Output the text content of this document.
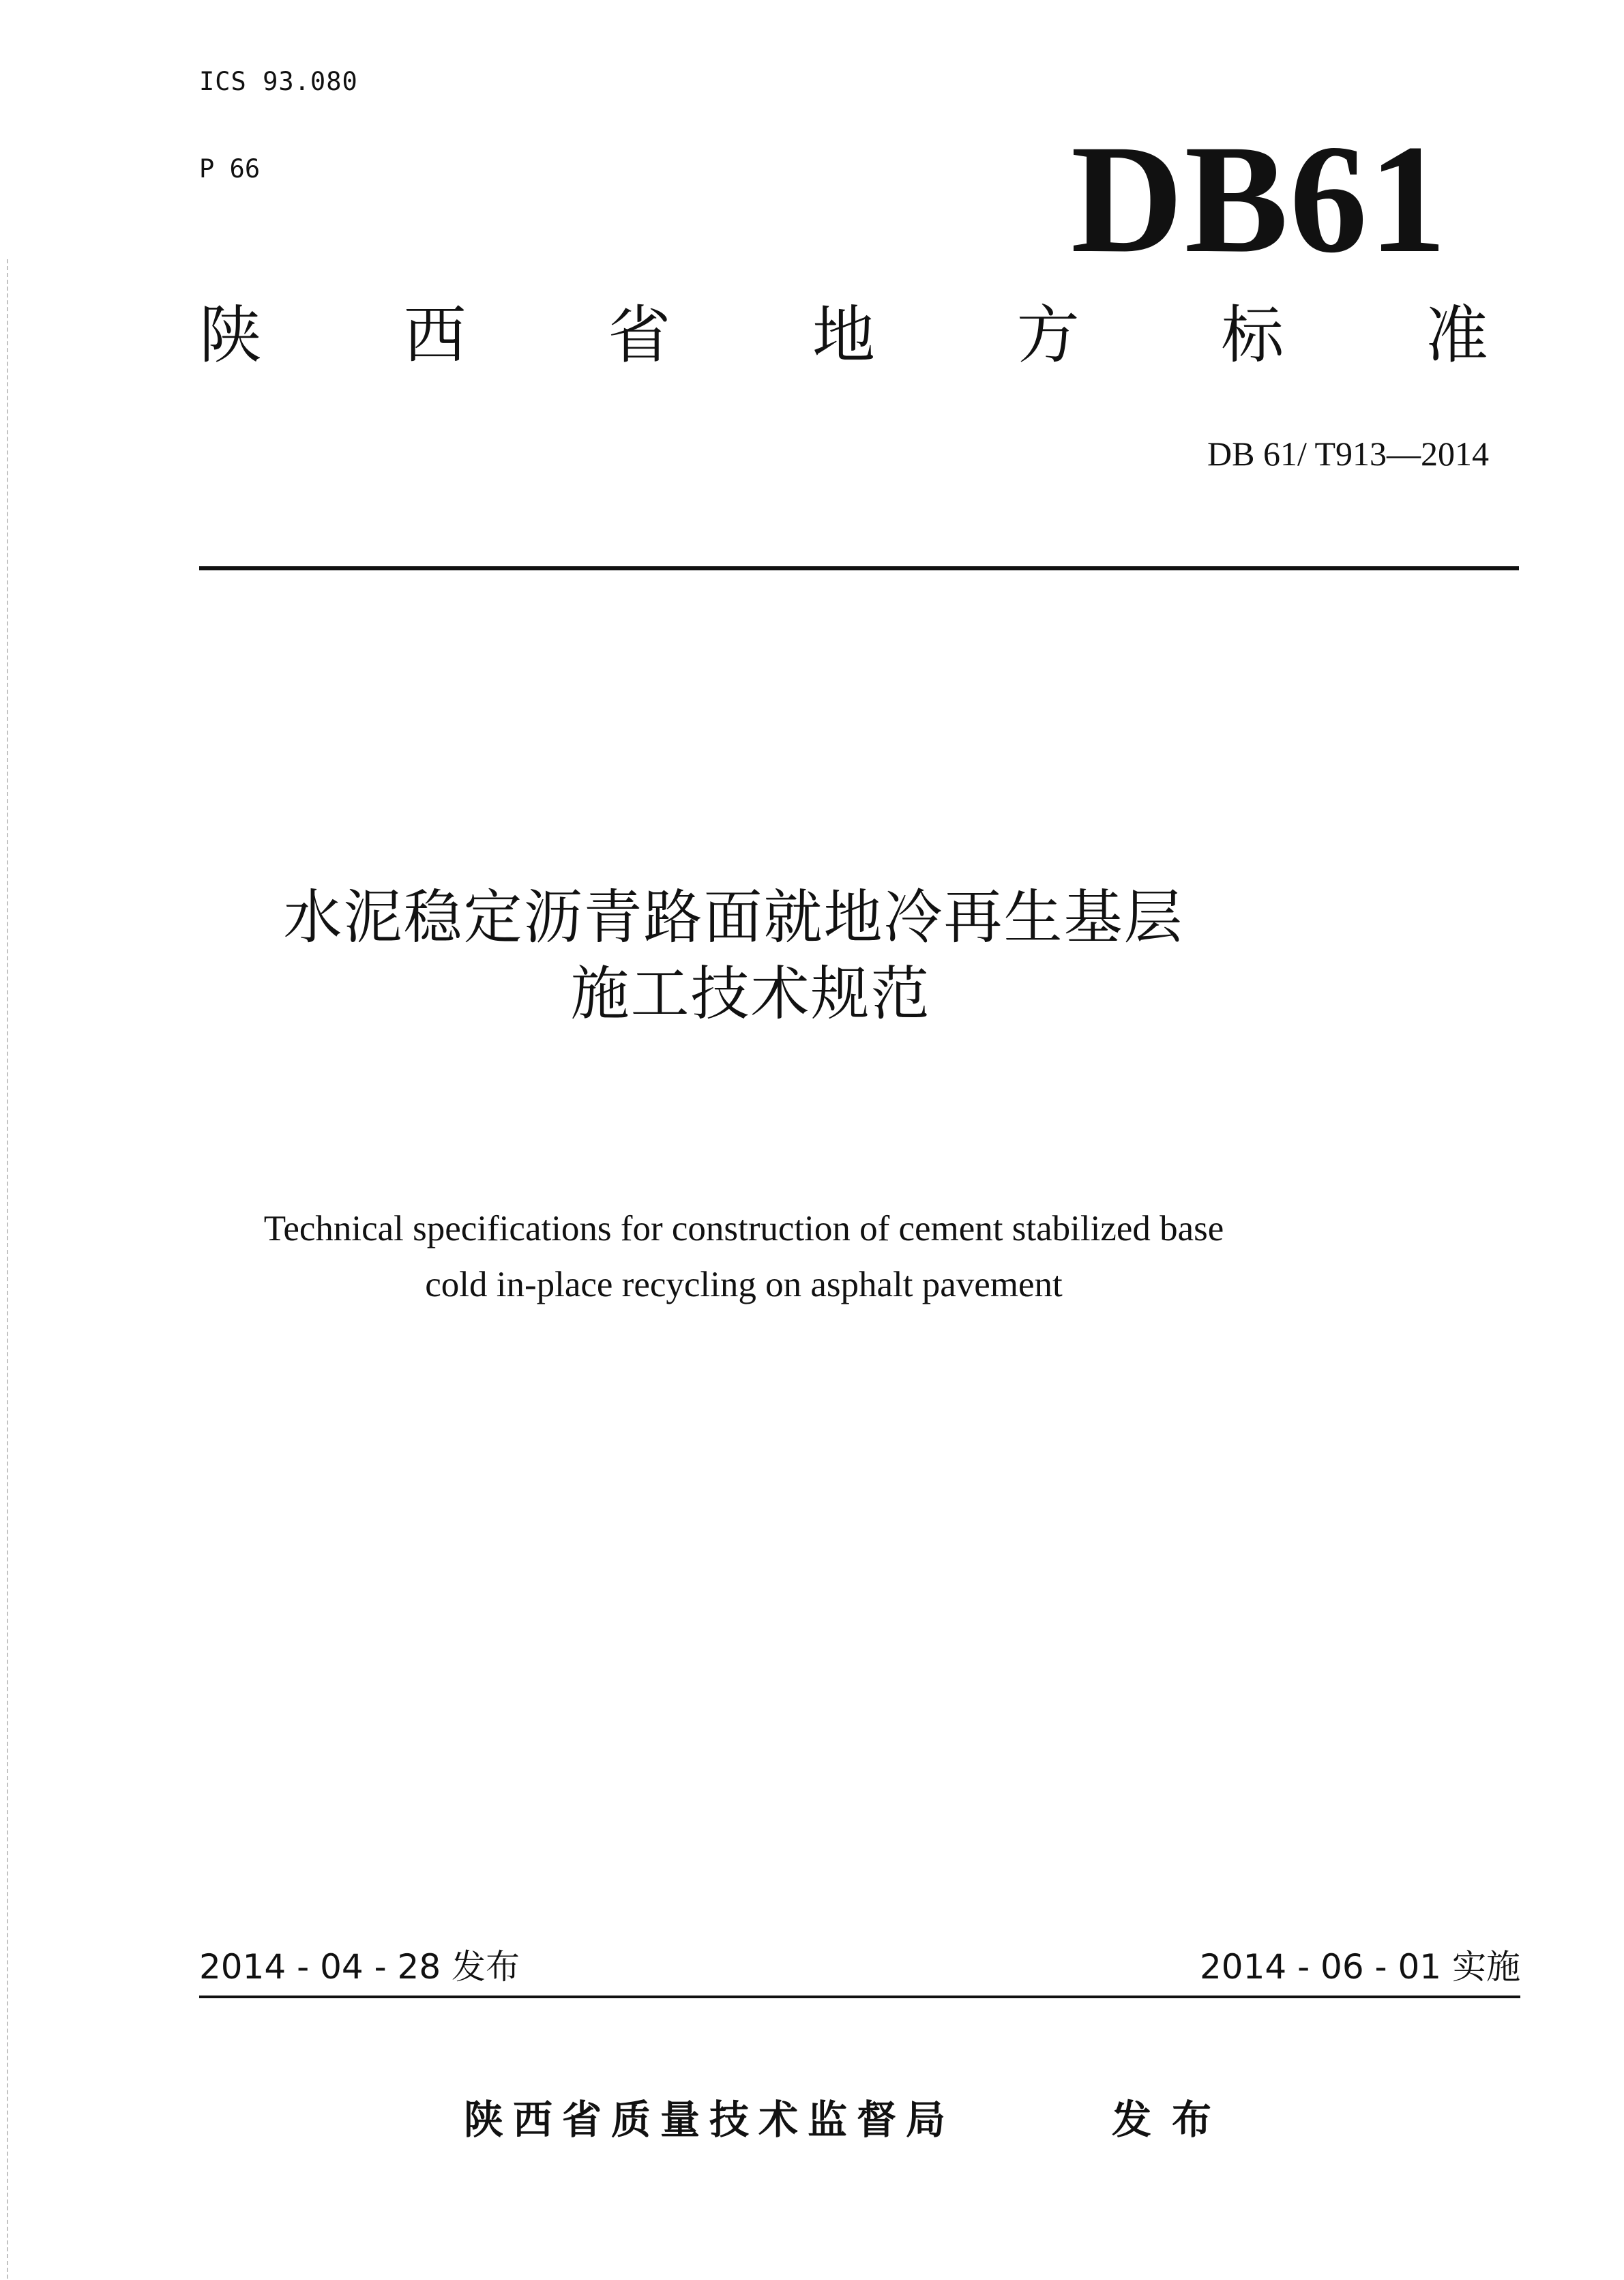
ICS 93.080
P 66	DB61
陕 西 省 地 方 标 准
DB 61/ T913—2014
水泥稳定沥青路面就地冷再生基层
施工技术规范
Technical specifications for construction of cement stabilized base
cold in-place recycling on asphalt pavement
2014 - 04 - 28 发布	2014 - 06 - 01 实施
陕西省质量技术监督局	发布
